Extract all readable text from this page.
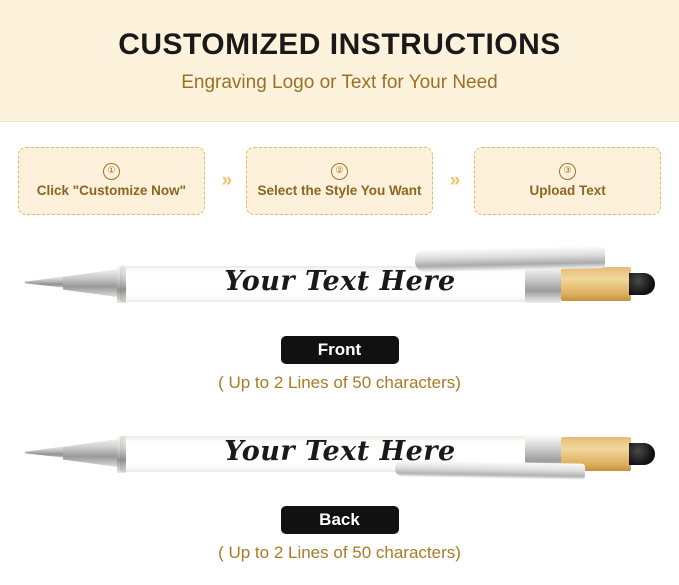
CUSTOMIZED INSTRUCTIONS
Engraving Logo or Text for Your Need
①
Click "Customize Now"	»	②
Select the Style You Want	»	③
Upload Text
Your Text Here
Front
( Up to 2 Lines of 50 characters)
Your Text Here
Back
( Up to 2 Lines of 50 characters)
